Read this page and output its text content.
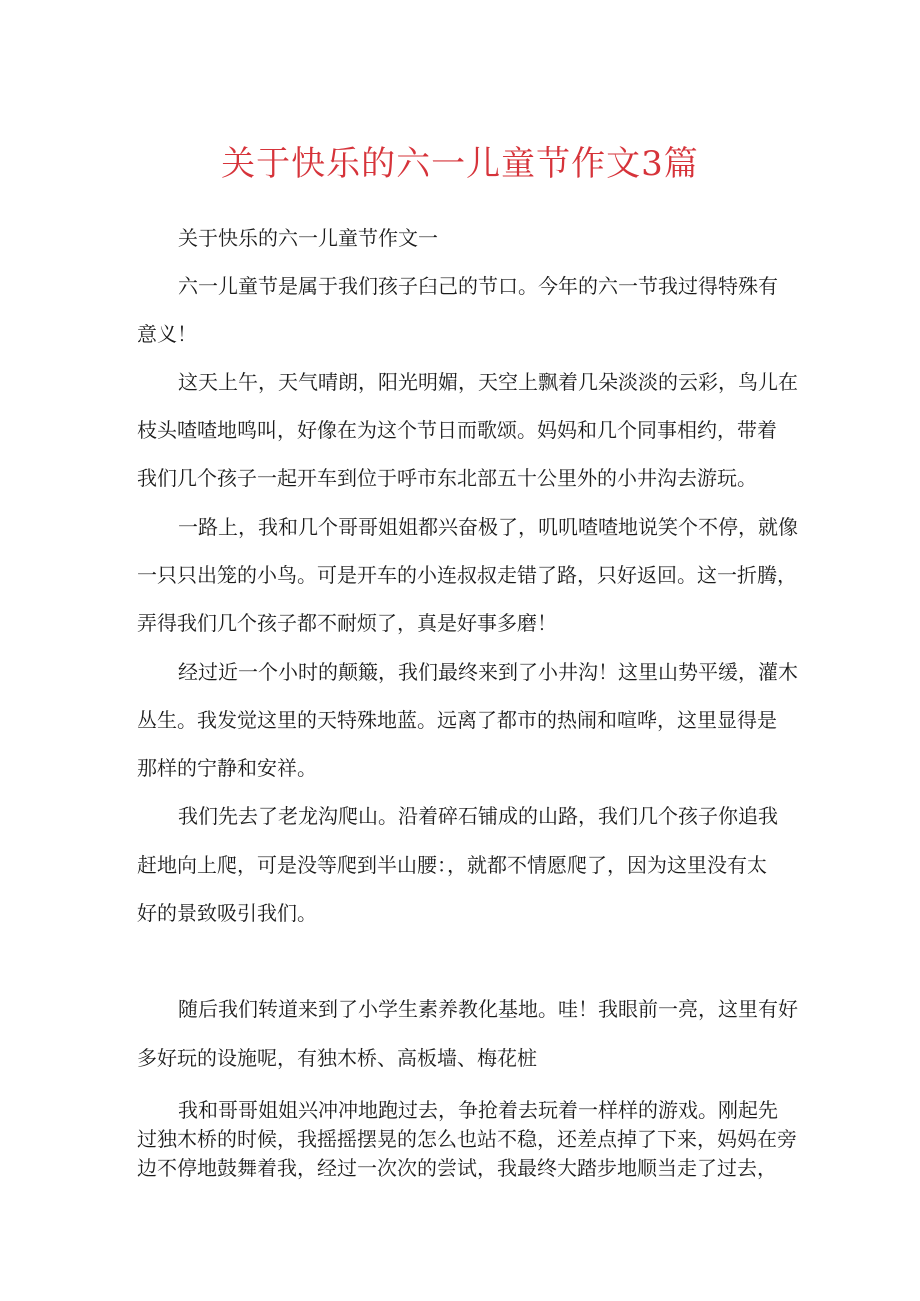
关于快乐的六一儿童节作文3篇
关于快乐的六一儿童节作文一
六一儿童节是属于我们孩子臼己的节口。今年的六一节我过得特殊有
意义！
这天上午，天气晴朗，阳光明媚，天空上飘着几朵淡淡的云彩，鸟儿在
枝头喳喳地鸣叫，好像在为这个节日而歌颂。妈妈和几个同事相约，带着
我们几个孩子一起开车到位于呼市东北部五十公里外的小井沟去游玩。
一路上，我和几个哥哥姐姐都兴奋极了，叽叽喳喳地说笑个不停，就像
一只只出笼的小鸟。可是开车的小连叔叔走错了路，只好返回。这一折腾，
弄得我们几个孩子都不耐烦了，真是好事多磨！
经过近一个小时的颠簸，我们最终来到了小井沟！这里山势平缓，灌木
丛生。我发觉这里的天特殊地蓝。远离了都市的热闹和喧哗，这里显得是
那样的宁静和安祥。
我们先去了老龙沟爬山。沿着碎石铺成的山路，我们几个孩子你追我
赶地向上爬，可是没等爬到半山腰：，就都不情愿爬了，因为这里没有太
好的景致吸引我们。
随后我们转道来到了小学生素养教化基地。哇！我眼前一亮，这里有好
多好玩的设施呢，有独木桥、高板墙、梅花桩
我和哥哥姐姐兴冲冲地跑过去，争抢着去玩着一样样的游戏。刚起先
过独木桥的时候，我摇摇摆晃的怎么也站不稳，还差点掉了下来，妈妈在旁
边不停地鼓舞着我，经过一次次的尝试，我最终大踏步地顺当走了过去，
